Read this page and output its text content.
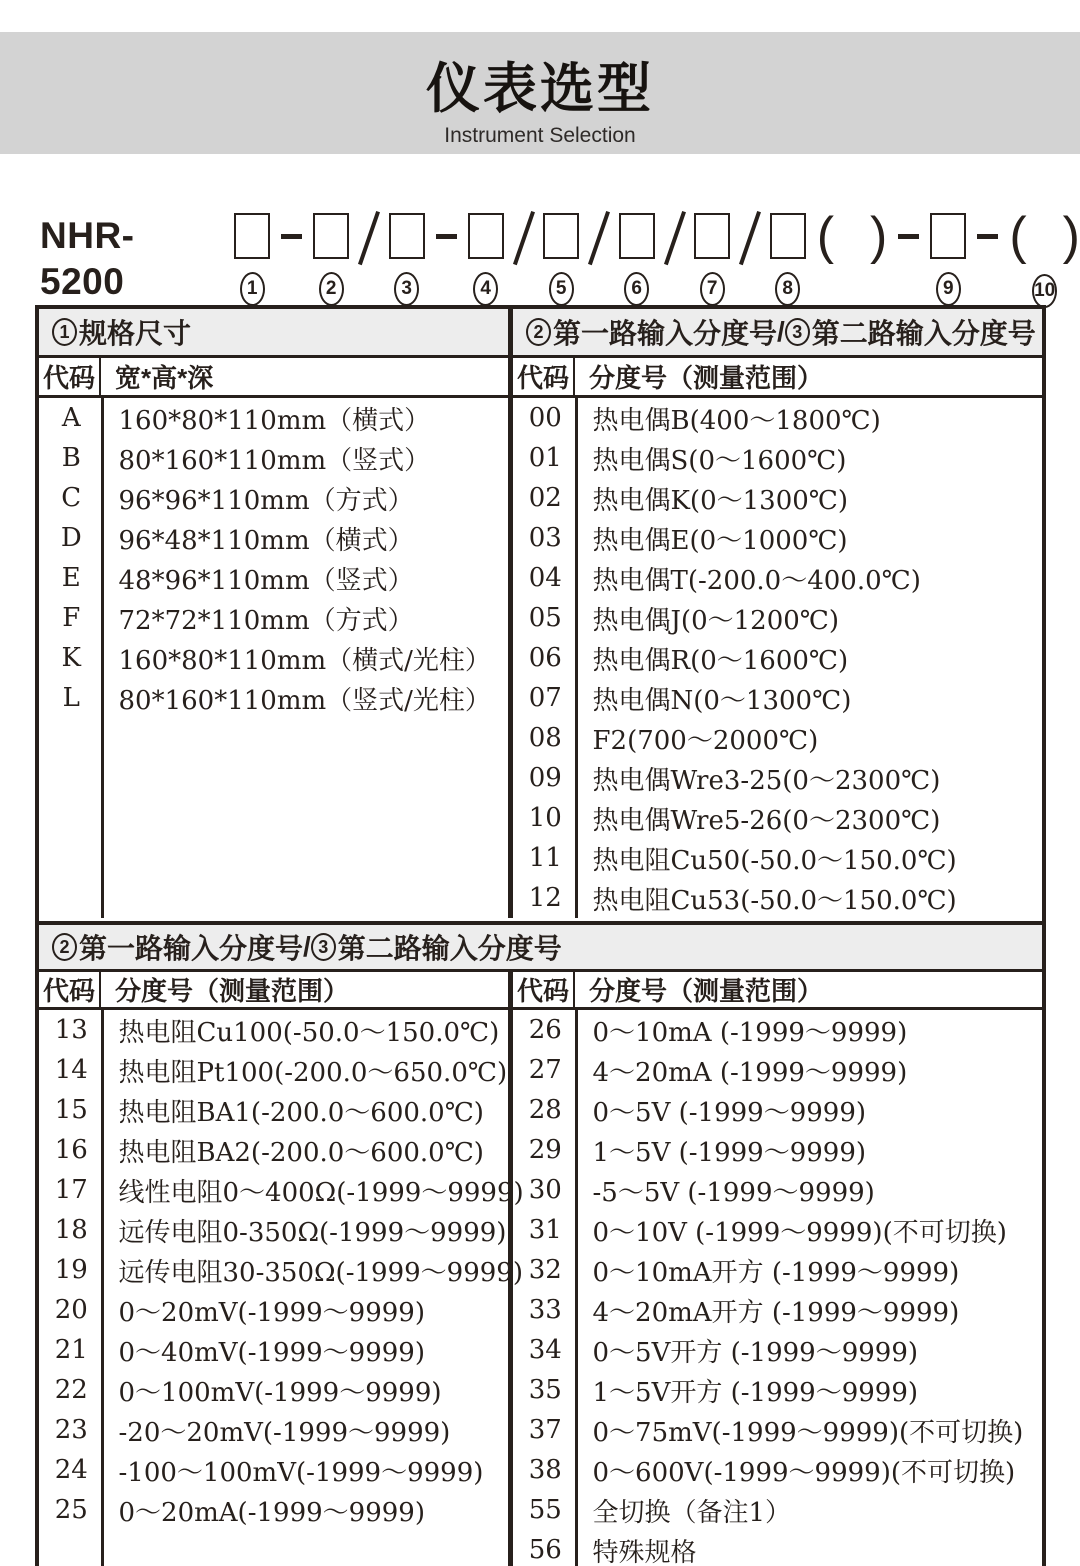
仪表选型
Instrument Selection
NHR-5200	1	2	3	4	5	6	7	8
( )
9
( )
10
1 规格尺寸	2 第一路输入分度号 / 3 第二路输入分度号
代码 宽*高*深	代码 分度号（测量范围）
A	160*80*110mm（横式）
B	80*160*110mm（竖式）
C	96*96*110mm（方式）
D	96*48*110mm（横式）
E	48*96*110mm（竖式）
F	72*72*110mm（方式）
K	160*80*110mm（横式/光柱）
L	80*160*110mm（竖式/光柱）
00	热电偶B(400～1800℃)
01	热电偶S(0～1600℃)
02	热电偶K(0～1300℃)
03	热电偶E(0～1000℃)
04	热电偶T(-200.0～400.0℃)
05	热电偶J(0～1200℃)
06	热电偶R(0～1600℃)
07	热电偶N(0～1300℃)
08	F2(700～2000℃)
09	热电偶Wre3-25(0～2300℃)
10	热电偶Wre5-26(0～2300℃)
11	热电阻Cu50(-50.0～150.0℃)
12	热电阻Cu53(-50.0～150.0℃)
2 第一路输入分度号 / 3 第二路输入分度号
代码 分度号（测量范围）	代码 分度号（测量范围）
13	热电阻Cu100(-50.0～150.0℃)
14	热电阻Pt100(-200.0～650.0℃)
15	热电阻BA1(-200.0～600.0℃)
16	热电阻BA2(-200.0～600.0℃)
17	线性电阻0～400Ω(-1999～9999)
18	远传电阻0-350Ω(-1999～9999)
19	远传电阻30-350Ω(-1999～9999)
20	0～20mV(-1999～9999)
21	0～40mV(-1999～9999)
22	0～100mV(-1999～9999)
23	-20～20mV(-1999～9999)
24	-100～100mV(-1999～9999)
25	0～20mA(-1999～9999)
26	0～10mA (-1999～9999)
27	4～20mA (-1999～9999)
28	0～5V (-1999～9999)
29	1～5V (-1999～9999)
30	-5～5V (-1999～9999)
31	0～10V (-1999～9999)(不可切换)
32	0～10mA开方 (-1999～9999)
33	4～20mA开方 (-1999～9999)
34	0～5V开方 (-1999～9999)
35	1～5V开方 (-1999～9999)
37	0～75mV(-1999～9999)(不可切换)
38	0～600V(-1999～9999)(不可切换)
55	全切换（备注1）
56	特殊规格
